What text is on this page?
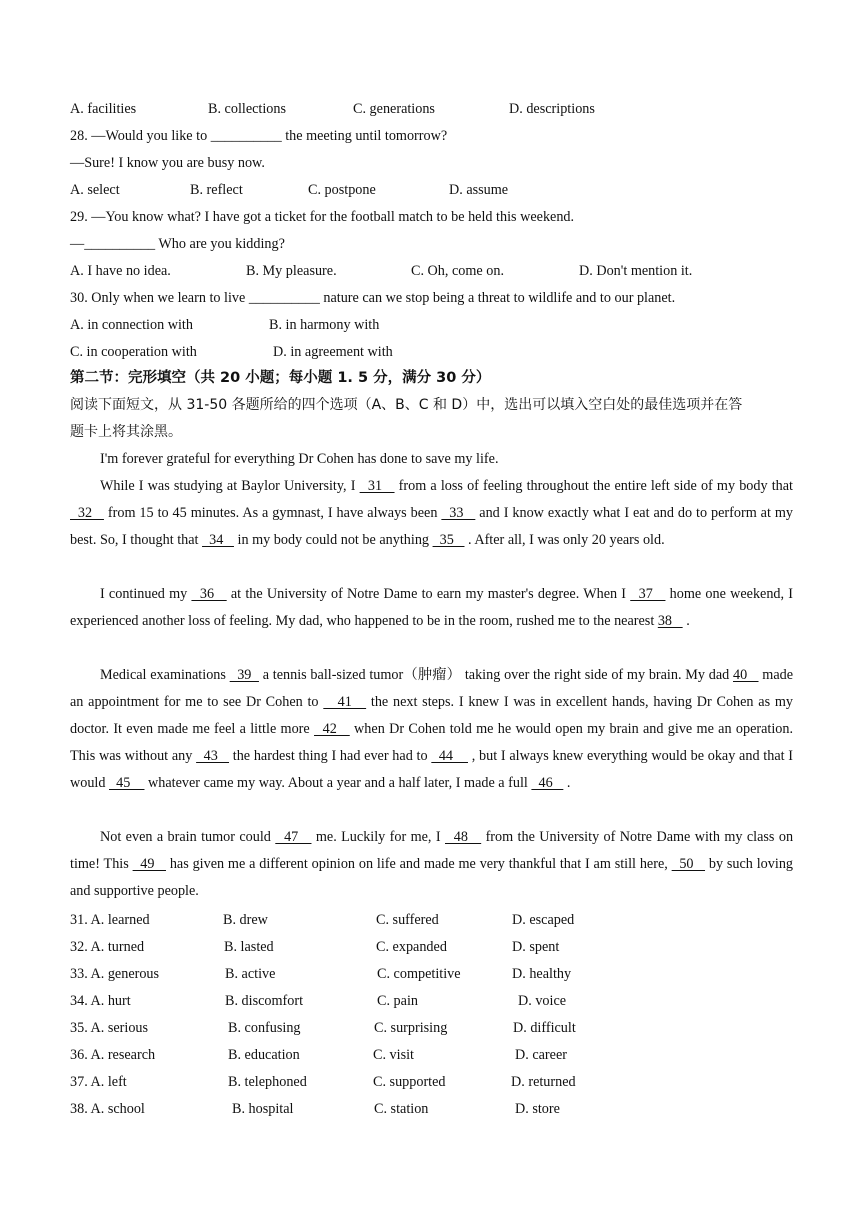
A. facilities	B. collections	C. generations	D. descriptions
28. —Would you like to __________ the meeting until tomorrow?
—Sure! I know you are busy now.
A. select	B. reflect	C. postpone	D. assume
29. —You know what? I have got a ticket for the football match to be held this weekend.
—__________ Who are you kidding?
A. I have no idea.	B. My pleasure.	C. Oh, come on.	D. Don't mention it.
30. Only when we learn to live __________ nature can we stop being a threat to wildlife and to our planet.
A. in connection with	B. in harmony with
C. in cooperation with	D. in agreement with
第二节：完形填空（共 20 小题；每小题 1. 5 分，满分 30 分）
阅读下面短文，从 31-50 各题所给的四个选项（A、B、C 和 D）中，选出可以填入空白处的最佳选项并在答
题卡上将其涂黑。
I'm forever grateful for everything Dr Cohen has done to save my life.
While I was studying at Baylor University, I   31    from a loss of feeling throughout the entire left side of my body that   32    from 15 to 45 minutes. As a gymnast, I have always been   33    and I know exactly what I eat and do to perform at my best. So, I thought that   34    in my body could not be anything   35    . After all, I was only 20 years old.
I continued my   36    at the University of Notre Dame to earn my master's degree. When I   37    home one weekend, I experienced another loss of feeling. My dad, who happened to be in the room, rushed me to the nearest 38    .
Medical examinations   39   a tennis ball-sized tumor（肿瘤） taking over the right side of my brain. My dad 40    made an appointment for me to see Dr Cohen to    41    the next steps. I knew I was in excellent hands, having Dr Cohen as my doctor. It even made me feel a little more   42    when Dr Cohen told me he would open my brain and give me an operation. This was without any   43    the hardest thing I had ever had to   44     , but I always knew everything would be okay and that I would   45     whatever came my way. About a year and a half later, I made a full   46    .
Not even a brain tumor could   47    me. Luckily for me, I   48    from the University of Notre Dame with my class on time! This   49    has given me a different opinion on life and made me very thankful that I am still here,   50    by such loving and supportive people.
31. A. learned	B. drew	C. suffered	D. escaped
32. A. turned	B. lasted	C. expanded	D. spent
33. A. generous	B. active	C. competitive	D. healthy
34. A. hurt	B. discomfort	C. pain	D. voice
35. A. serious	B. confusing	C. surprising	D. difficult
36. A. research	B. education	C. visit	D. career
37. A. left	B. telephoned	C. supported	D. returned
38. A. school	B. hospital	C. station	D. store
